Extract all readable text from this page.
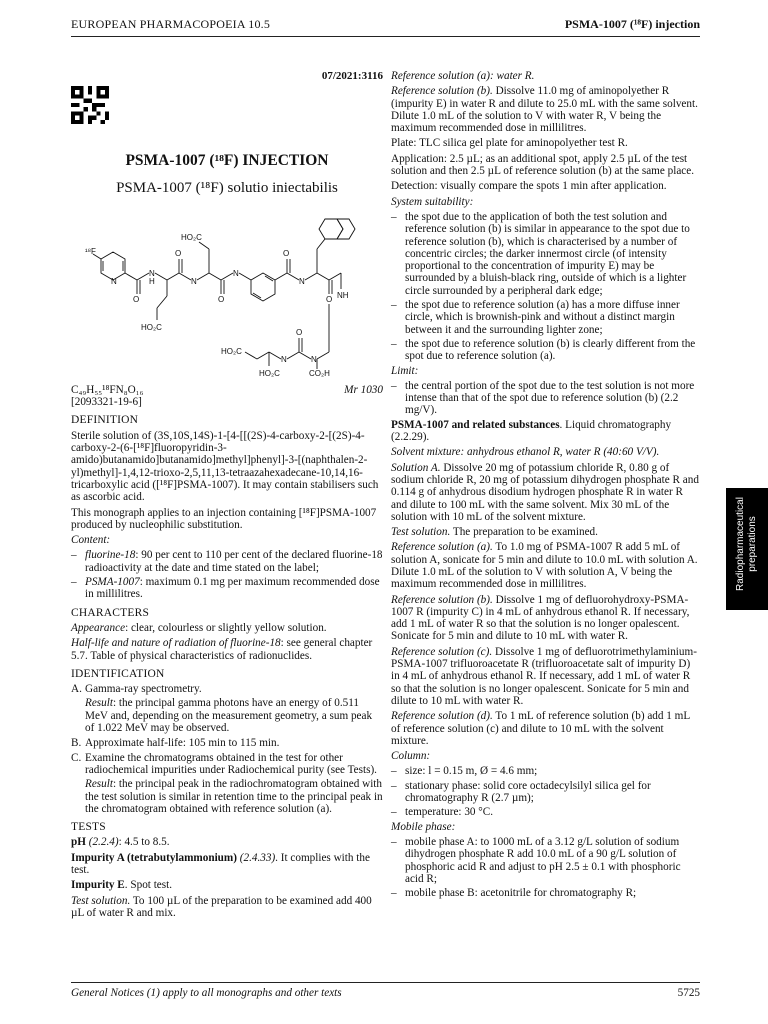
EUROPEAN PHARMACOPOEIA 10.5	PSMA-1007 (¹⁸F) injection
07/2021:3116
PSMA-1007 (¹⁸F) INJECTION
PSMA-1007 (¹⁸F) solutio iniectabilis
¹⁸F
N
O
N
H
HO₂C
O
N
HO₂C
O
N
O
N
O NH
N
O
N
HO₂C
HO₂C	CO₂H
C₄₉H₅₅¹⁸FN₈O₁₆	Mr 1030

[2093321-19-6]

DEFINITION

Sterile solution of (3S,10S,14S)-1-[4-[[(2S)-4-carboxy-2-[(2S)-4-carboxy-2-(6-[¹⁸F]fluoropyridin-3-amido)butanamido]butanamido]methyl]phenyl]-3-[(naphthalen-2-yl)methyl]-1,4,12-trioxo-2,5,11,13-tetraazahexadecane-10,14,16-tricarboxylic acid ([¹⁸F]PSMA-1007). It may contain stabilisers such as ascorbic acid.

This monograph applies to an injection containing [¹⁸F]PSMA-1007 produced by nucleophilic substitution.

Content:

– fluorine-18: 90 per cent to 110 per cent of the declared fluorine-18 radioactivity at the date and time stated on the label;
– PSMA-1007: maximum 0.1 mg per maximum recommended dose in millilitres.
CHARACTERS

Appearance: clear, colourless or slightly yellow solution.

Half-life and nature of radiation of fluorine-18: see general chapter 5.7. Table of physical characteristics of radionuclides.

IDENTIFICATION
A. Gamma-ray spectrometry.

Result: the principal gamma photons have an energy of 0.511 MeV and, depending on the measurement geometry, a sum peak of 1.022 MeV may be observed.

B. Approximate half-life: 105 min to 115 min.
C. Examine the chromatograms obtained in the test for other radiochemical impurities under Radiochemical purity (see Tests).

Result: the principal peak in the radiochromatogram obtained with the test solution is similar in retention time to the principal peak in the chromatogram obtained with reference solution (a).

TESTS

pH (2.2.4): 4.5 to 8.5.

Impurity A (tetrabutylammonium) (2.4.33). It complies with the test.

Impurity E. Spot test.

Test solution. To 100 µL of the preparation to be examined add 400 µL of water R and mix.

Reference solution (a): water R.

Reference solution (b). Dissolve 11.0 mg of aminopolyether R (impurity E) in water R and dilute to 25.0 mL with the same solvent. Dilute 1.0 mL of the solution to V with water R, V being the maximum recommended dose in millilitres.

Plate: TLC silica gel plate for aminopolyether test R.

Application: 2.5 µL; as an additional spot, apply 2.5 µL of the test solution and then 2.5 µL of reference solution (b) at the same place.

Detection: visually compare the spots 1 min after application.

System suitability:

– the spot due to the application of both the test solution and reference solution (b) is similar in appearance to the spot due to reference solution (b), which is characterised by a number of concentric circles; the darker innermost circle (of intensity proportional to the concentration of impurity E) may be surrounded by a bluish-black ring, outside of which is a lighter circle surrounded by a peripheral dark edge;
– the spot due to reference solution (a) has a more diffuse inner circle, which is brownish-pink and without a distinct margin between it and the surrounding lighter zone;
– the spot due to reference solution (b) is clearly different from the spot due to reference solution (a).

Limit:

– the central portion of the spot due to the test solution is not more intense than that of the spot due to reference solution (b) (2.2 mg/V).

PSMA-1007 and related substances. Liquid chromatography (2.2.29).

Solvent mixture: anhydrous ethanol R, water R (40:60 V/V).

Solution A. Dissolve 20 mg of potassium chloride R, 0.80 g of sodium chloride R, 20 mg of potassium dihydrogen phosphate R and 0.114 g of anhydrous disodium hydrogen phosphate R in water R and dilute to 100 mL with the same solvent. Mix 30 mL of the solution with 10 mL of the solvent mixture.

Test solution. The preparation to be examined.

Reference solution (a). To 1.0 mg of PSMA-1007 R add 5 mL of solution A, sonicate for 5 min and dilute to 10.0 mL with solution A. Dilute 1.0 mL of the solution to V with solution A, V being the maximum recommended dose in millilitres.

Reference solution (b). Dissolve 1 mg of defluorohydroxy-PSMA-1007 R (impurity C) in 4 mL of anhydrous ethanol R. If necessary, add 1 mL of water R so that the solution is no longer opalescent. Sonicate for 5 min and dilute to 10 mL with water R.

Reference solution (c). Dissolve 1 mg of defluorotrimethylaminium-PSMA-1007 trifluoroacetate R (trifluoroacetate salt of impurity D) in 4 mL of anhydrous ethanol R. If necessary, add 1 mL of water R so that the solution is no longer opalescent. Sonicate for 5 min and dilute to 10 mL with water R.

Reference solution (d). To 1 mL of reference solution (b) add 1 mL of reference solution (c) and dilute to 10 mL with the solvent mixture.

Column:

– size: l = 0.15 m, Ø = 4.6 mm;
– stationary phase: solid core octadecylsilyl silica gel for chromatography R (2.7 µm);
– temperature: 30 °C.

Mobile phase:

– mobile phase A: to 1000 mL of a 3.12 g/L solution of sodium dihydrogen phosphate R add 10.0 mL of a 90 g/L solution of phosphoric acid R and adjust to pH 2.5 ± 0.1 with phosphoric acid R;
– mobile phase B: acetonitrile for chromatography R;
Radiopharmaceutical preparations
General Notices (1) apply to all monographs and other texts	5725
